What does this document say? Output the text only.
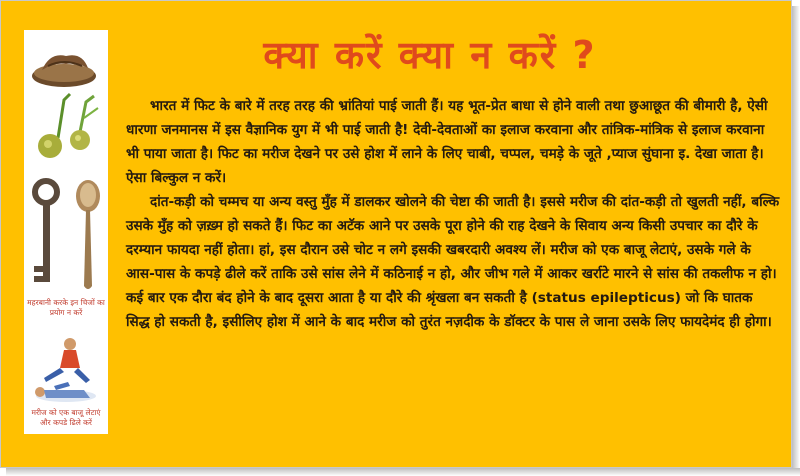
महरबानी करके इन चिजों का प्रयोग न करें
मरीज को एक बाजू लेटाएं और कपडे ढिले करें
क्या करें क्या न करें ?

भारत में फिट के बारे में तरह तरह की भ्रांतियां पाई जाती हैं। यह भूत-प्रेत बाधा से होने वाली तथा छुआछूत की बीमारी है, ऐसी धारणा जनमानस में इस वैज्ञानिक युग में भी पाई जाती है! देवी-देवताओं का इलाज करवाना और तांत्रिक-मांत्रिक से इलाज करवाना भी पाया जाता है। फिट का मरीज देखने पर उसे होश में लाने के लिए चाबी, चप्पल, चमड़े के जूते ,प्याज सुंघाना इ. देखा जाता है। ऐसा बिल्कुल न करें।

दांत-कड़ी को चम्मच या अन्य वस्तु मुँह में डालकर खोलने की चेष्टा की जाती है। इससे मरीज की दांत-कड़ी तो खुलती नहीं, बल्कि उसके मुँह को ज़ख़्म हो सकते हैं। फिट का अटॅक आने पर उसके पूरा होने की राह देखने के सिवाय अन्य किसी उपचार का दौरे के दरम्यान फायदा नहीं होता। हां, इस दौरान उसे चोट न लगे इसकी खबरदारी अवश्य लें। मरीज को एक बाजू लेटाएं, उसके गले के आस-पास के कपड़े ढीले करें ताकि उसे सांस लेने में कठिनाई न हो, और जीभ गले में आकर खर्राटे मारने से सांस की तकलीफ न हो। कई बार एक दौरा बंद होने के बाद दूसरा आता है या दौरे की श्रृंखला बन सकती है (status epilepticus) जो कि घातक सिद्ध हो सकती है, इसीलिए होश में आने के बाद मरीज को तुरंत नज़दीक के डॉक्टर के पास ले जाना उसके लिए फायदेमंद ही होगा।
